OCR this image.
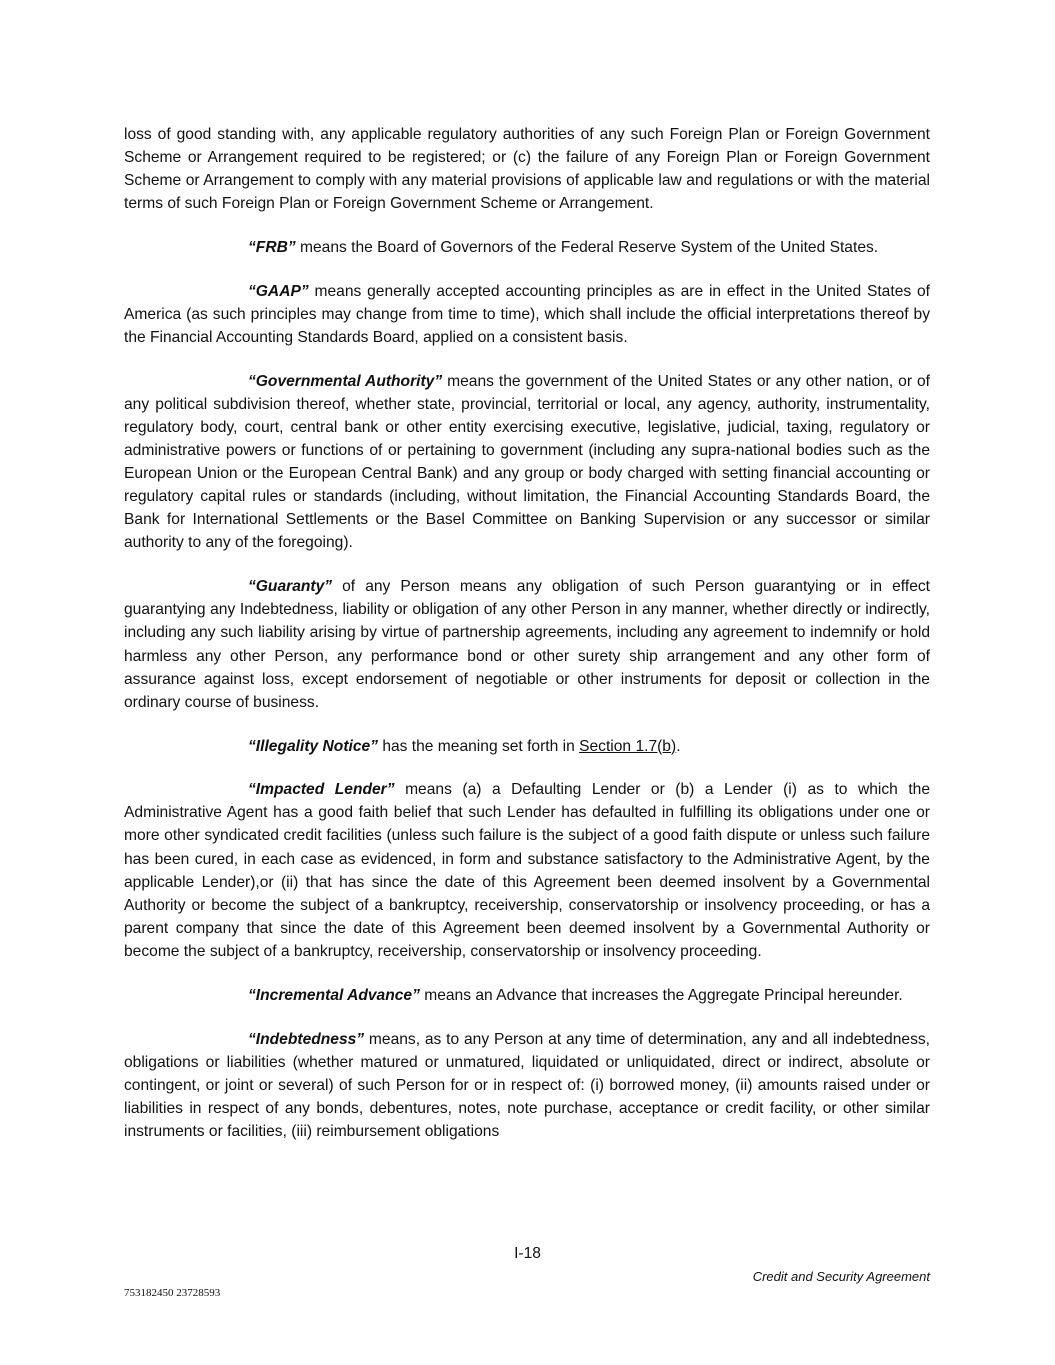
loss of good standing with, any applicable regulatory authorities of any such Foreign Plan or Foreign Government Scheme or Arrangement required to be registered; or (c) the failure of any Foreign Plan or Foreign Government Scheme or Arrangement to comply with any material provisions of applicable law and regulations or with the material terms of such Foreign Plan or Foreign Government Scheme or Arrangement.

“FRB” means the Board of Governors of the Federal Reserve System of the United States.

“GAAP” means generally accepted accounting principles as are in effect in the United States of America (as such principles may change from time to time), which shall include the official interpretations thereof by the Financial Accounting Standards Board, applied on a consistent basis.

“Governmental Authority” means the government of the United States or any other nation, or of any political subdivision thereof, whether state, provincial, territorial or local, any agency, authority, instrumentality, regulatory body, court, central bank or other entity exercising executive, legislative, judicial, taxing, regulatory or administrative powers or functions of or pertaining to government (including any supra-national bodies such as the European Union or the European Central Bank) and any group or body charged with setting financial accounting or regulatory capital rules or standards (including, without limitation, the Financial Accounting Standards Board, the Bank for International Settlements or the Basel Committee on Banking Supervision or any successor or similar authority to any of the foregoing).

“Guaranty” of any Person means any obligation of such Person guarantying or in effect guarantying any Indebtedness, liability or obligation of any other Person in any manner, whether directly or indirectly, including any such liability arising by virtue of partnership agreements, including any agreement to indemnify or hold harmless any other Person, any performance bond or other surety ship arrangement and any other form of assurance against loss, except endorsement of negotiable or other instruments for deposit or collection in the ordinary course of business.

“Illegality Notice” has the meaning set forth in Section 1.7(b).

“Impacted Lender” means (a) a Defaulting Lender or (b) a Lender (i) as to which the Administrative Agent has a good faith belief that such Lender has defaulted in fulfilling its obligations under one or more other syndicated credit facilities (unless such failure is the subject of a good faith dispute or unless such failure has been cured, in each case as evidenced, in form and substance satisfactory to the Administrative Agent, by the applicable Lender),or (ii) that has since the date of this Agreement been deemed insolvent by a Governmental Authority or become the subject of a bankruptcy, receivership, conservatorship or insolvency proceeding, or has a parent company that since the date of this Agreement been deemed insolvent by a Governmental Authority or become the subject of a bankruptcy, receivership, conservatorship or insolvency proceeding.

“Incremental Advance” means an Advance that increases the Aggregate Principal hereunder.

“Indebtedness” means, as to any Person at any time of determination, any and all indebtedness, obligations or liabilities (whether matured or unmatured, liquidated or unliquidated, direct or indirect, absolute or contingent, or joint or several) of such Person for or in respect of: (i) borrowed money, (ii) amounts raised under or liabilities in respect of any bonds, debentures, notes, note purchase, acceptance or credit facility, or other similar instruments or facilities, (iii) reimbursement obligations

I-18
Credit and Security Agreement
753182450 23728593
